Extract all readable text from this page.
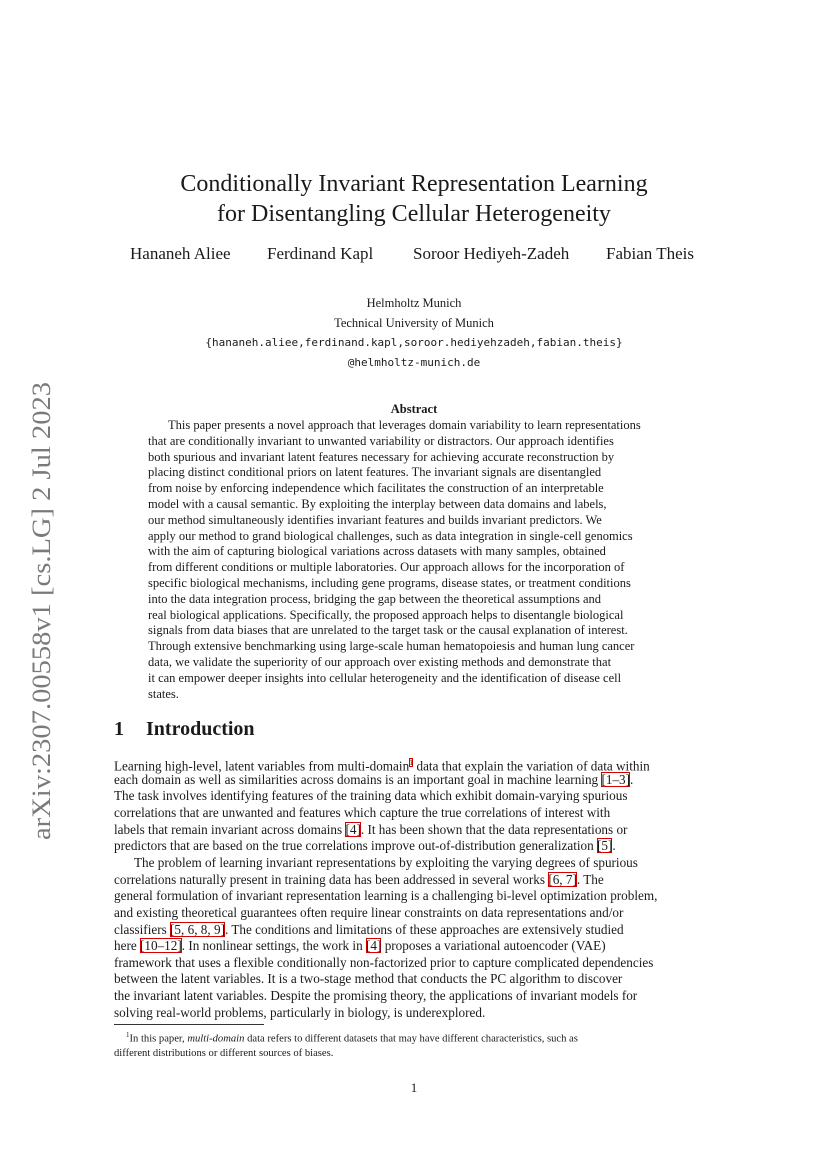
arXiv:2307.00558v1 [cs.LG] 2 Jul 2023
Conditionally Invariant Representation Learning
for Disentangling Cellular Heterogeneity
Hananeh Aliee Ferdinand Kapl Soroor Hediyeh-Zadeh Fabian Theis
Helmholtz Munich
Technical University of Munich
{hananeh.aliee,ferdinand.kapl,soroor.hediyehzadeh,fabian.theis}
@helmholtz-munich.de
Abstract
This paper presents a novel approach that leverages domain variability to learn representations
that are conditionally invariant to unwanted variability or distractors. Our approach identifies
both spurious and invariant latent features necessary for achieving accurate reconstruction by
placing distinct conditional priors on latent features. The invariant signals are disentangled
from noise by enforcing independence which facilitates the construction of an interpretable
model with a causal semantic. By exploiting the interplay between data domains and labels,
our method simultaneously identifies invariant features and builds invariant predictors. We
apply our method to grand biological challenges, such as data integration in single-cell genomics
with the aim of capturing biological variations across datasets with many samples, obtained
from different conditions or multiple laboratories. Our approach allows for the incorporation of
specific biological mechanisms, including gene programs, disease states, or treatment conditions
into the data integration process, bridging the gap between the theoretical assumptions and
real biological applications. Specifically, the proposed approach helps to disentangle biological
signals from data biases that are unrelated to the target task or the causal explanation of interest.
Through extensive benchmarking using large-scale human hematopoiesis and human lung cancer
data, we validate the superiority of our approach over existing methods and demonstrate that
it can empower deeper insights into cellular heterogeneity and the identification of disease cell
states.
1 Introduction
Learning high-level, latent variables from multi-domain$^1$ data that explain the variation of data within
each domain as well as similarities across domains is an important goal in machine learning [1–3].
The task involves identifying features of the training data which exhibit domain-varying spurious
correlations that are unwanted and features which capture the true correlations of interest with
labels that remain invariant across domains [4]. It has been shown that the data representations or
predictors that are based on the true correlations improve out-of-distribution generalization [5].
The problem of learning invariant representations by exploiting the varying degrees of spurious
correlations naturally present in training data has been addressed in several works [6, 7]. The
general formulation of invariant representation learning is a challenging bi-level optimization problem,
and existing theoretical guarantees often require linear constraints on data representations and/or
classifiers [5, 6, 8, 9]. The conditions and limitations of these approaches are extensively studied
here [10–12]. In nonlinear settings, the work in [4] proposes a variational autoencoder (VAE)
framework that uses a flexible conditionally non-factorized prior to capture complicated dependencies
between the latent variables. It is a two-stage method that conducts the PC algorithm to discover
the invariant latent variables. Despite the promising theory, the applications of invariant models for
solving real-world problems, particularly in biology, is underexplored.
$^1$In this paper, multi-domain data refers to different datasets that may have different characteristics, such as
different distributions or different sources of biases.
1
